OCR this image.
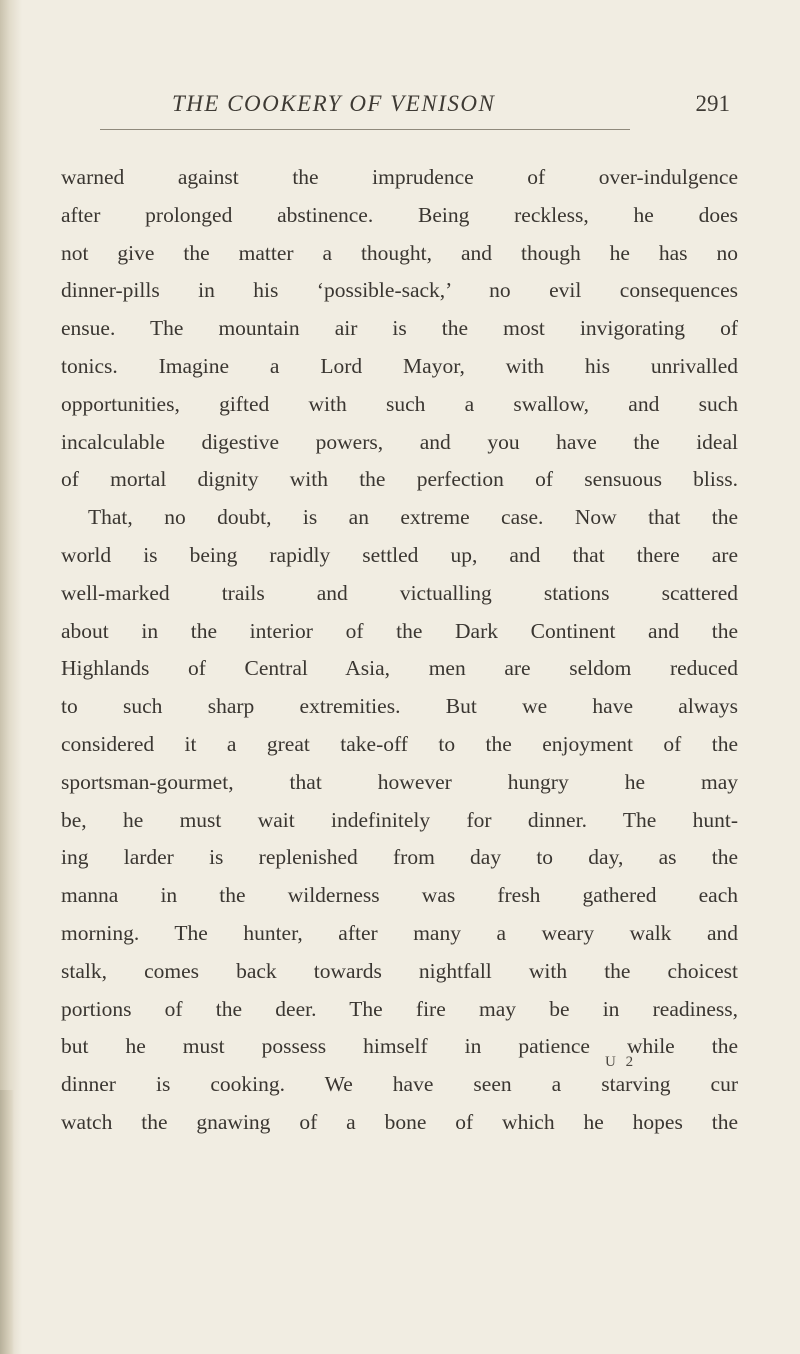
THE COOKERY OF VENISON	291
warned against the imprudence of over-indulgence
after prolonged abstinence. Being reckless, he does
not give the matter a thought, and though he has no
dinner-pills in his ‘possible-sack,’ no evil consequences
ensue. The mountain air is the most invigorating of
tonics. Imagine a Lord Mayor, with his unrivalled
opportunities, gifted with such a swallow, and such
incalculable digestive powers, and you have the ideal
of mortal dignity with the perfection of sensuous bliss.
That, no doubt, is an extreme case. Now that the
world is being rapidly settled up, and that there are
well-marked trails and victualling stations scattered
about in the interior of the Dark Continent and the
Highlands of Central Asia, men are seldom reduced
to such sharp extremities. But we have always
considered it a great take-off to the enjoyment of the
sportsman-gourmet, that however hungry he may
be, he must wait indefinitely for dinner. The hunt-
ing larder is replenished from day to day, as the
manna in the wilderness was fresh gathered each
morning. The hunter, after many a weary walk and
stalk, comes back towards nightfall with the choicest
portions of the deer. The fire may be in readiness,
but he must possess himself in patience while the
dinner is cooking. We have seen a starving cur
watch the gnawing of a bone of which he hopes the
U 2
